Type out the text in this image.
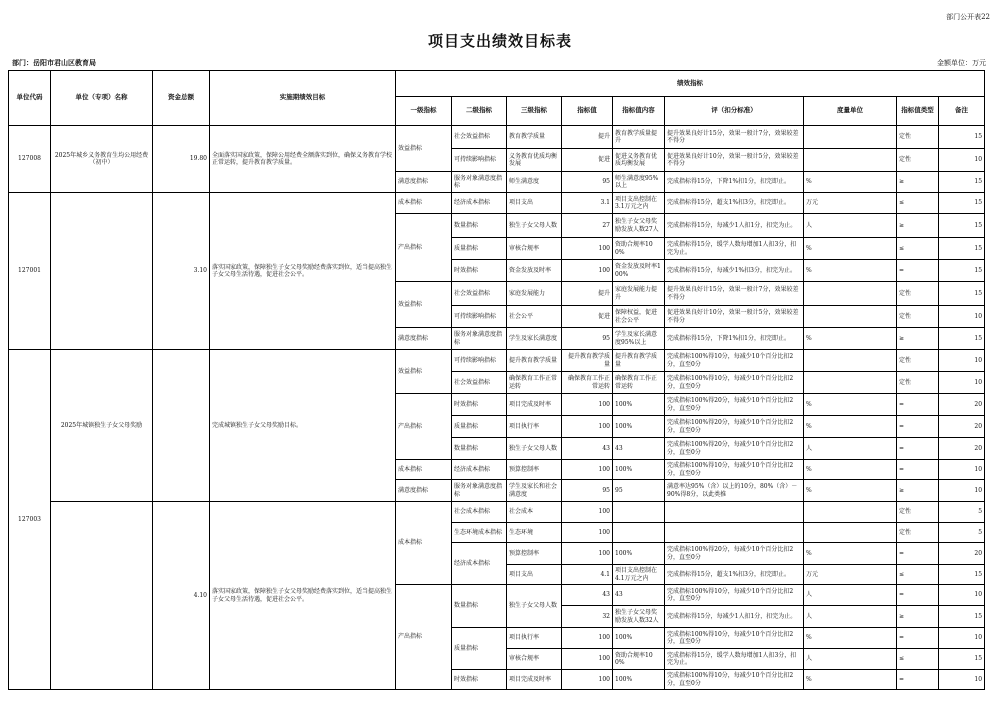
部门公开表22
项目支出绩效目标表
部门：岳阳市君山区教育局	金额单位：万元
单位代码	单位（专项）名称	资金总额	实施期绩效目标	绩效指标								
				一级指标	二级指标	三级指标	指标值	指标值内容	评（扣分标准）	度量单位	指标值类型	备注
127008	2025年城乡义务教育生均公用经费（初中）	19.80	全面落实国家政策，保障公用经费全额落实到位，确保义务教育学校正常运转，提升教育教学质量。	效益指标	社会效益指标	教育教学质量	提升	教育教学质量提升	提升效果良好计15分，效果一般计7分，效果较差不得分		定性	15
					可持续影响指标	义务教育优质均衡发展	促进	促进义务教育优质均衡发展	促进效果良好计10分，效果一般计5分，效果较差不得分		定性	10
				满意度指标	服务对象满意度指标	师生满意度	95	师生满意度95%以上	完成指标得15分，下降1%扣1分，扣完即止。	%	≥	15
127001		3.10	落实国家政策，保障独生子女父母奖励经费落实到位，适当提高独生子女父母生活待遇，促进社会公平。	成本指标	经济成本指标	项目支出	3.1	项目支出控制在3.1万元之内	完成指标得15分，超支1%扣3分，扣完即止。	万元	≤	15
				产出指标	数量指标	独生子女父母人数	27	独生子女父母奖励发放人数27人	完成指标得15分，每减少1人扣1分，扣完为止。	人	≥	15
					质量指标	审核合规率	100	资助合规率100%	完成指标得15分，缓学人数每增加1人扣3分，扣完为止。	%	≤	15
					时效指标	资金发放及时率	100	资金发放及时率100%	完成指标得15分，每减少1%扣3分，扣完为止。	%	=	15
				效益指标	社会效益指标	家庭发展能力	提升	家庭发展能力提升	提升效果良好计15分，效果一般计7分，效果较差不得分		定性	15
					可持续影响指标	社会公平	促进	保障权益，促进社会公平	促进效果良好计10分，效果一般计5分，效果较差不得分		定性	10
				满意度指标	服务对象满意度指标	学生及家长满意度	95	学生及家长满意度95%以上	完成指标得15分，下降1%扣1分，扣完即止。	%	≥	15
127003	2025年城镇独生子女父母奖励		完成城镇独生子女父母奖励目标。	效益指标	可持续影响指标	提升教育教学质量	提升教育教学质量	提升教育教学质量	完成指标100%得10分，每减少10个百分比扣2分，直至0分		定性	10
					社会效益指标	确保教育工作正常运转	确保教育工作正常运转	确保教育工作正常运转	完成指标100%得10分，每减少10个百分比扣2分，直至0分		定性	10
				产出指标	时效指标	项目完成及时率	100	100%	完成指标100%得20分，每减少10个百分比扣2分，直至0分	%	=	20
					质量指标	项目执行率	100	100%	完成指标100%得20分，每减少10个百分比扣2分，直至0分	%	=	20
					数量指标	独生子女父母人数	43	43	完成指标100%得20分，每减少10个百分比扣2分，直至0分	人	=	20
				成本指标	经济成本指标	预算控制率	100	100%	完成指标100%得10分，每减少10个百分比扣2分，直至0分	%	=	10
				满意度指标	服务对象满意度指标	学生及家长和社会满意度	95	95	满意率达95%（含）以上的10分，80%（含）－90%得8分，以此类推	%	≥	10
		4.10	落实国家政策，保障独生子女父母奖励经费落实到位，适当提高独生子女父母生活待遇，促进社会公平。	成本指标	社会成本指标	社会成本	100				定性	5
					生态环境成本指标	生态环境	100				定性	5
					经济成本指标	预算控制率	100	100%	完成指标100%得20分，每减少10个百分比扣2分，直至0分	%	=	20
						项目支出	4.1	项目支出控制在4.1万元之内	完成指标得15分，超支1%扣3分，扣完即止。	万元	≤	15
				产出指标	数量指标	独生子女父母人数	43	43	完成指标100%得10分，每减少10个百分比扣2分，直至0分	人	=	10
							32	独生子女父母奖励发放人数32人	完成指标得15分，每减少1人扣1分，扣完为止。	人	≥	15
					质量指标	项目执行率	100	100%	完成指标100%得10分，每减少10个百分比扣2分，直至0分	%	=	10
						审核合规率	100	资助合规率100%	完成指标得15分，缓学人数每增加1人扣3分，扣完为止。	人	≤	15
					时效指标	项目完成及时率	100	100%	完成指标100%得10分，每减少10个百分比扣2分，直至0分	%	=	10
